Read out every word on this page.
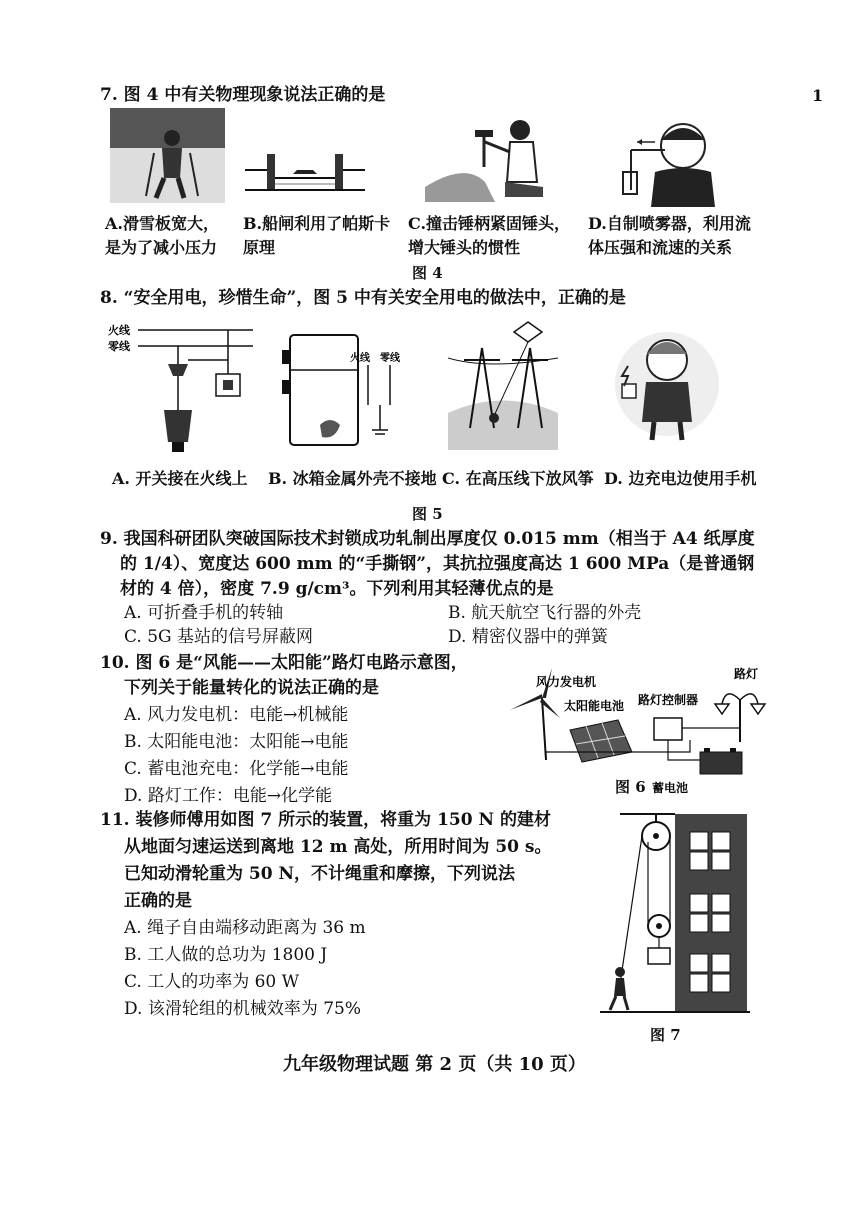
1
7. 图 4 中有关物理现象说法正确的是
A.滑雪板宽大，
是为了减小压力
B.船闸利用了帕斯卡
原理
C.撞击锤柄紧固锤头，
增大锤头的惯性
D.自制喷雾器，利用流
体压强和流速的关系
图 4
8. “安全用电，珍惜生命”，图 5 中有关安全用电的做法中，正确的是
火线
零线
火线 零线
A. 开关接在火线上 B. 冰箱金属外壳不接地 C. 在高压线下放风筝 D. 边充电边使用手机
图 5
9. 我国科研团队突破国际技术封锁成功轧制出厚度仅 0.015 mm（相当于 A4 纸厚度
的 1/4）、宽度达 600 mm 的“手撕钢”，其抗拉强度高达 1 600 MPa（是普通钢
材的 4 倍），密度 7.9 g/cm³。下列利用其轻薄优点的是
A. 可折叠手机的转轴	B. 航天航空飞行器的外壳
C. 5G 基站的信号屏蔽网	D. 精密仪器中的弹簧
10. 图 6 是“风能——太阳能”路灯电路示意图，
下列关于能量转化的说法正确的是
A. 风力发电机：电能→机械能
B. 太阳能电池：太阳能→电能
C. 蓄电池充电：化学能→电能
D. 路灯工作：电能→化学能
风力发电机
太阳能电池 路灯控制器
路灯
蓄电池
图 6
11. 装修师傅用如图 7 所示的装置，将重为 150 N 的建材
从地面匀速运送到离地 12 m 高处，所用时间为 50 s。
已知动滑轮重为 50 N，不计绳重和摩擦，下列说法
正确的是
A. 绳子自由端移动距离为 36 m
B. 工人做的总功为 1800 J
C. 工人的功率为 60 W
D. 该滑轮组的机械效率为 75%
图 7
九年级物理试题 第 2 页（共 10 页）
